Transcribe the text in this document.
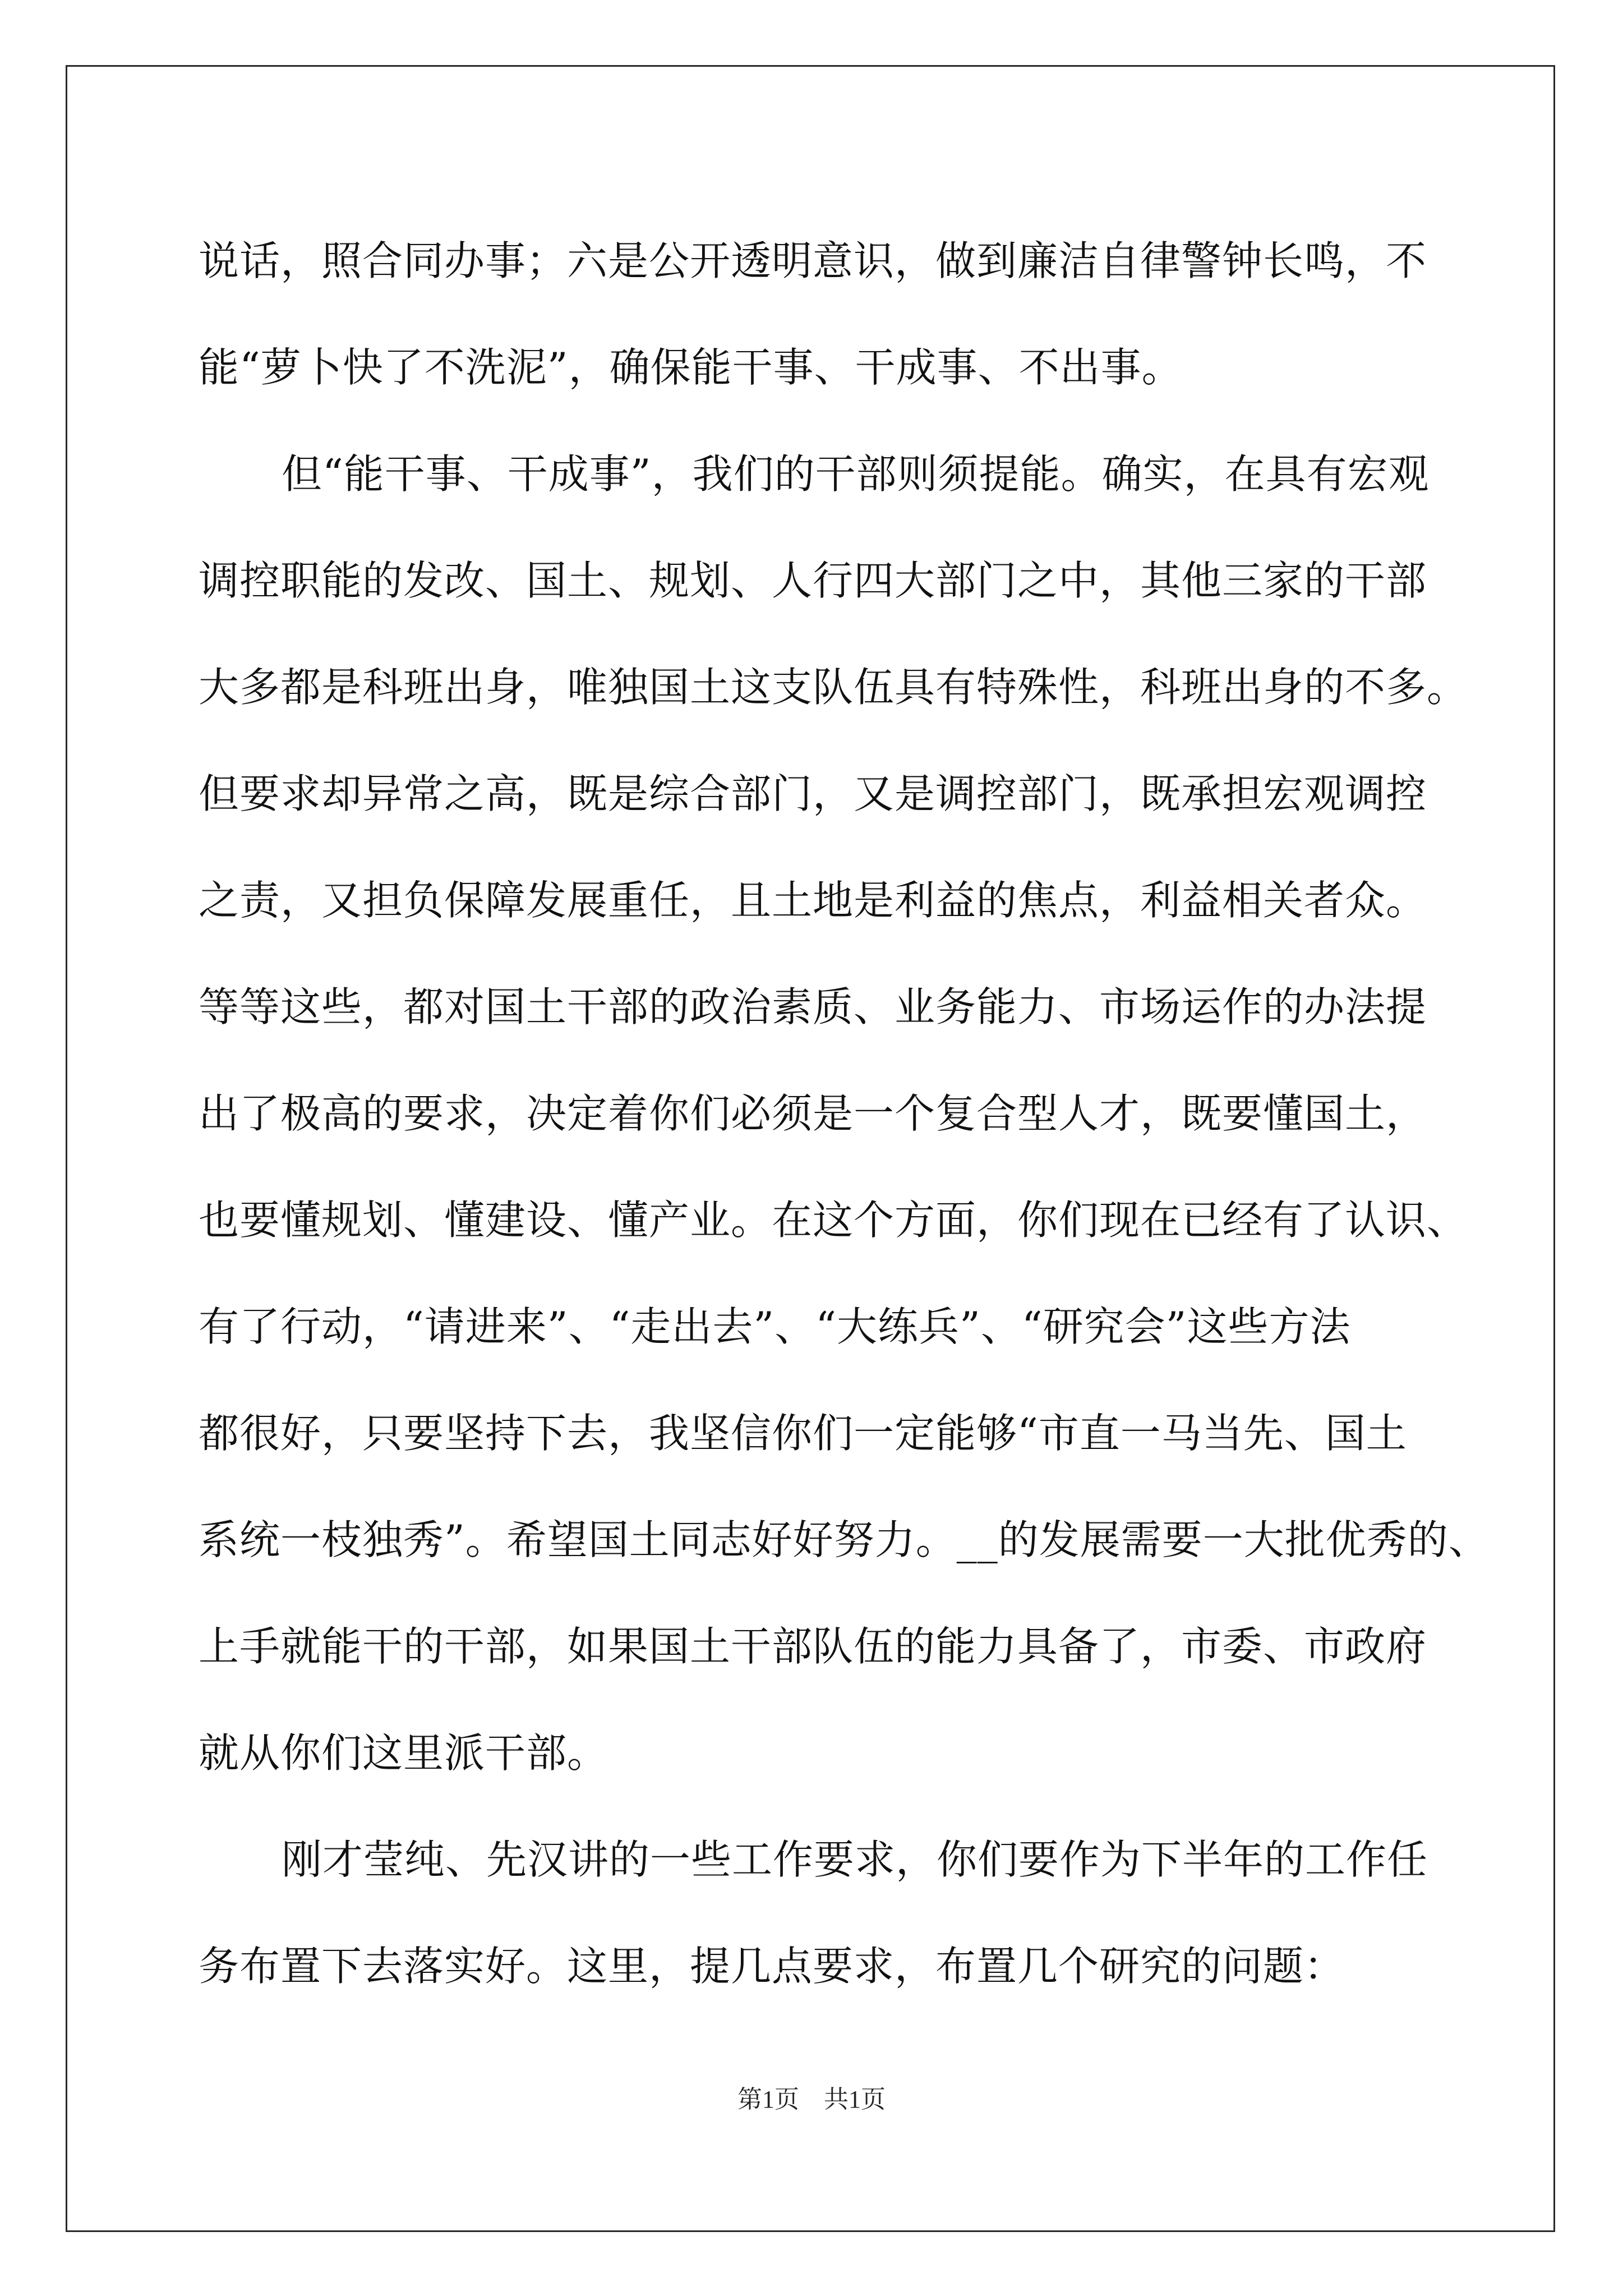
说话，照合同办事；六是公开透明意识，做到廉洁自律警钟长鸣，不
能“萝卜快了不洗泥”，确保能干事、干成事、不出事。
但“能干事、干成事”，我们的干部则须提能。确实，在具有宏观
调控职能的发改、国土、规划、人行四大部门之中，其他三家的干部
大多都是科班出身，唯独国土这支队伍具有特殊性，科班出身的不多。
但要求却异常之高，既是综合部门，又是调控部门，既承担宏观调控
之责，又担负保障发展重任，且土地是利益的焦点，利益相关者众。
等等这些，都对国土干部的政治素质、业务能力、市场运作的办法提
出了极高的要求，决定着你们必须是一个复合型人才，既要懂国土，
也要懂规划、懂建设、懂产业。在这个方面，你们现在已经有了认识、
有了行动，“请进来”、“走出去”、“大练兵”、“研究会”这些方法
都很好，只要坚持下去，我坚信你们一定能够“市直一马当先、国土
系统一枝独秀”。希望国土同志好好努力。__的发展需要一大批优秀的、
上手就能干的干部，如果国土干部队伍的能力具备了，市委、市政府
就从你们这里派干部。
刚才莹纯、先汉讲的一些工作要求，你们要作为下半年的工作任
务布置下去落实好。这里，提几点要求，布置几个研究的问题：
第1页　共1页
